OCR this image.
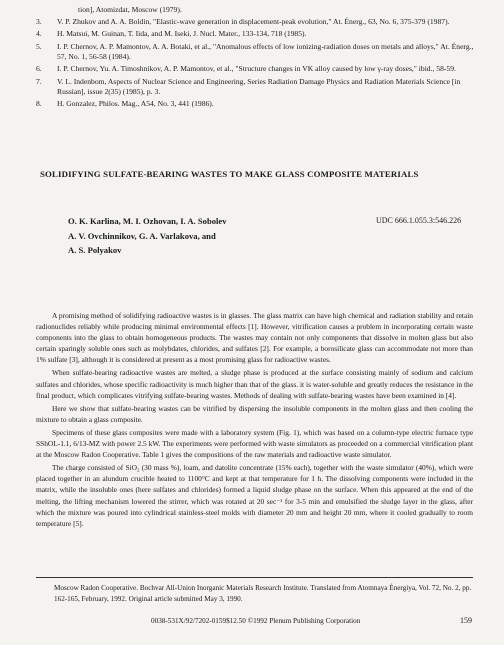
tion], Atomizdat, Moscow (1979).
3.	V. P. Zhukov and A. A. Boldin, "Elastic-wave generation in displacement-peak evolution," At. Énerg., 63, No. 6, 375-379 (1987).
4.	H. Matsui, M. Guinan, T. Iida, and M. Iseki, J. Nucl. Mater., 133-134, 718 (1985).
5.	I. P. Chernov, A. P. Mamontov, A. A. Botaki, et al., "Anomalous effects of low ionizing-radiation doses on metals and alloys," At. Énerg., 57, No. 1, 56-58 (1984).
6.	I. P. Chernov, Yu. A. Timoshnikov, A. P. Mamontov, et al., "Structure changes in VK alloy caused by low γ-ray doses," ibid., 58-59.
7.	V. L. Indenbom, Aspects of Nuclear Science and Engineering, Series Radiation Damage Physics and Radiation Materials Science [in Russian], issue 2(35) (1985), p. 3.
8.	H. Gonzalez, Philos. Mag., A54, No. 3, 441 (1986).
SOLIDIFYING SULFATE-BEARING WASTES TO MAKE GLASS COMPOSITE MATERIALS
O. K. Karlina, M. I. Ozhovan, I. A. Sobolev
A. V. Ovchinnikov, G. A. Varlakova, and
A. S. Polyakov
UDC 666.1.055.3:546.226

A promising method of solidifying radioactive wastes is in glasses. The glass matrix can have high chemical and radiation stability and retain radionuclides reliably while producing minimal environmental effects [1]. However, vitrification causes a problem in incorporating certain waste components into the glass to obtain homogeneous products. The wastes may contain not only components that dissolve in molten glass but also certain sparingly soluble ones such as molybdates, chlorides, and sulfates [2]. For example, a borosilicate glass can accommodate not more than 1% sulfate [3], although it is considered at present as a most promising glass for radioactive wastes.

When sulfate-bearing radioactive wastes are melted, a sludge phase is produced at the surface consisting mainly of sodium and calcium sulfates and chlorides, whose specific radioactivity is much higher than that of the glass. it is water-soluble and greatly reduces the resistance in the final product, which complicates vitrifying sulfate-bearing wastes. Methods of dealing with sulfate-bearing wastes have been examined in [4].

Here we show that sulfate-bearing wastes can be vitrified by dispersing the insoluble components in the molten glass and then cooling the mixture to obtain a glass composite.

Specimens of these glass composites were made with a laboratory system (Fig. 1), which was based on a column-type electric furnace type SShOL-1.1, 6/13-MZ with power 2.5 kW. The experiments were performed with waste simulators as proceeded on a commercial vitrification plant at the Moscow Radon Cooperative. Table 1 gives the compositions of the raw materials and radioactive waste simulator.

The charge consisted of SiO₂ (30 mass %), loam, and datolite concentrate (15% each), together with the waste simulator (40%), which were placed together in an alundum crucible heated to 1100°C and kept at that temperature for 1 h. The dissolving components were included in the matrix, while the insoluble ones (here sulfates and chlorides) formed a liquid sludge phase on the surface. When this appeared at the end of the melting, the lifting mechanism lowered the stirrer, which was rotated at 20 sec⁻¹ for 3-5 min and emulsified the sludge layer in the glass, after which the mixture was poured into cylindrical stainless-steel molds with diameter 20 mm and height 20 mm, where it cooled gradually to room temperature [5].

Moscow Radon Cooperative. Bochvar All-Union Inorganic Materials Research Institute. Translated from Atomnaya Énergiya, Vol. 72, No. 2, pp. 162-165, February, 1992. Original article submitted May 3, 1990.
0038-531X/92/7202-0159$12.50 ©1992 Plenum Publishing Corporation	159
